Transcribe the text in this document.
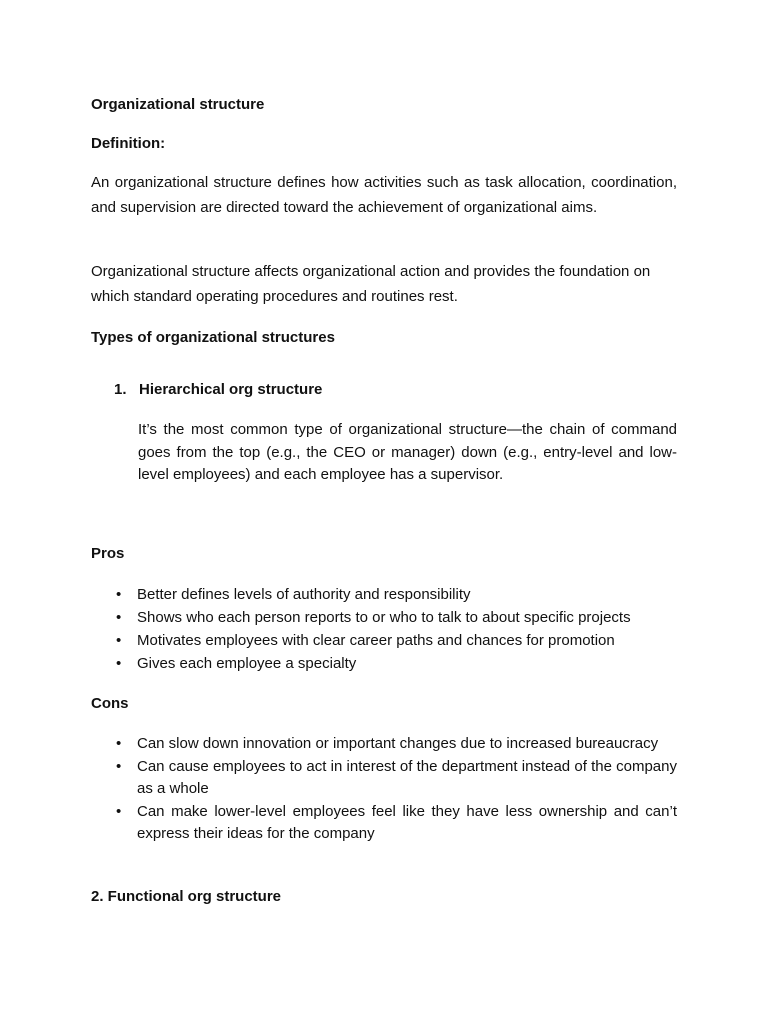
Organizational structure

Definition:

An organizational structure defines how activities such as task allocation, coordination, and supervision are directed toward the achievement of organizational aims.

Organizational structure affects organizational action and provides the foundation on which standard operating procedures and routines rest.

Types of organizational structures

1. Hierarchical org structure

It’s the most common type of organizational structure—the chain of command goes from the top (e.g., the CEO or manager) down (e.g., entry-level and low-level employees) and each employee has a supervisor.

Pros

• Better defines levels of authority and responsibility
• Shows who each person reports to or who to talk to about specific projects
• Motivates employees with clear career paths and chances for promotion
• Gives each employee a specialty

Cons

• Can slow down innovation or important changes due to increased bureaucracy
• Can cause employees to act in interest of the department instead of the company as a whole
• Can make lower-level employees feel like they have less ownership and can’t express their ideas for the company

2. Functional org structure
